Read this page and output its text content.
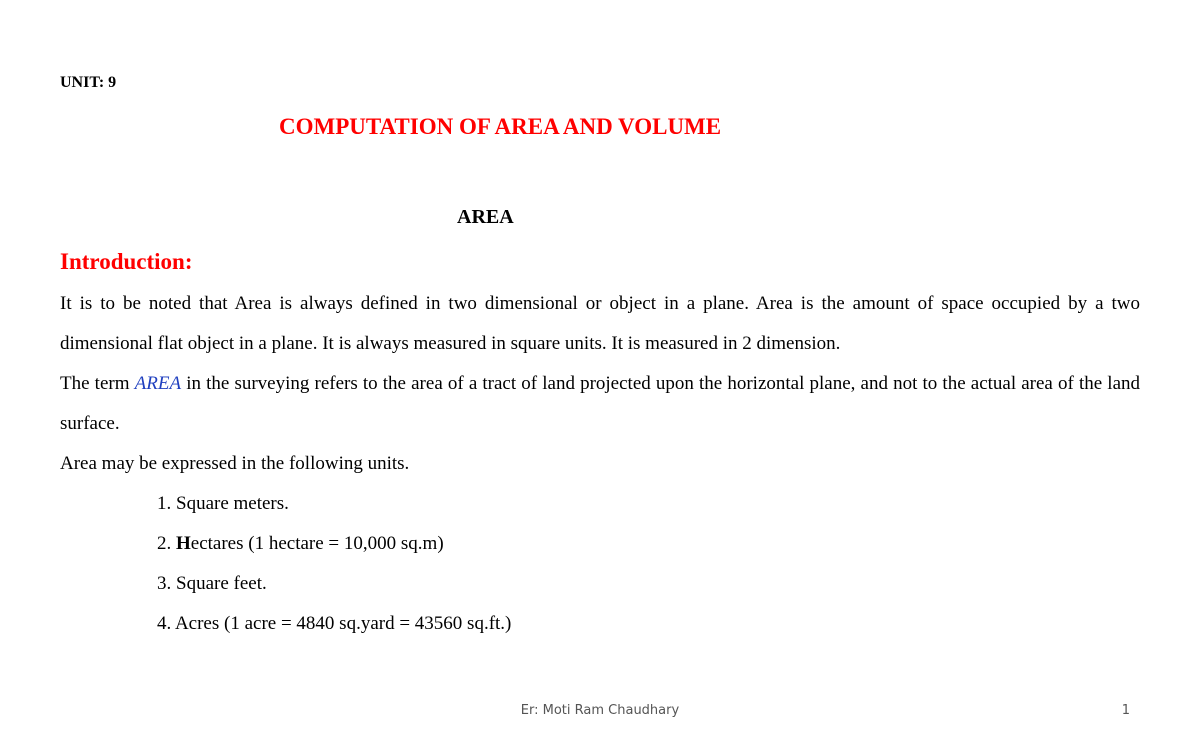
UNIT: 9
COMPUTATION OF AREA AND VOLUME
AREA
Introduction:

It is to be noted that Area is always defined in two dimensional or object in a plane. Area is the amount of space occupied by a two dimensional flat object in a plane. It is always measured in square units. It is measured in 2 dimension.

The term AREA in the surveying refers to the area of a tract of land projected upon the horizontal plane, and not to the actual area of the land surface.

Area may be expressed in the following units.

1. Square meters.
2. Hectares (1 hectare = 10,000 sq.m)
3. Square feet.
4. Acres (1 acre = 4840 sq.yard = 43560 sq.ft.)
Er: Moti Ram Chaudhary	1
